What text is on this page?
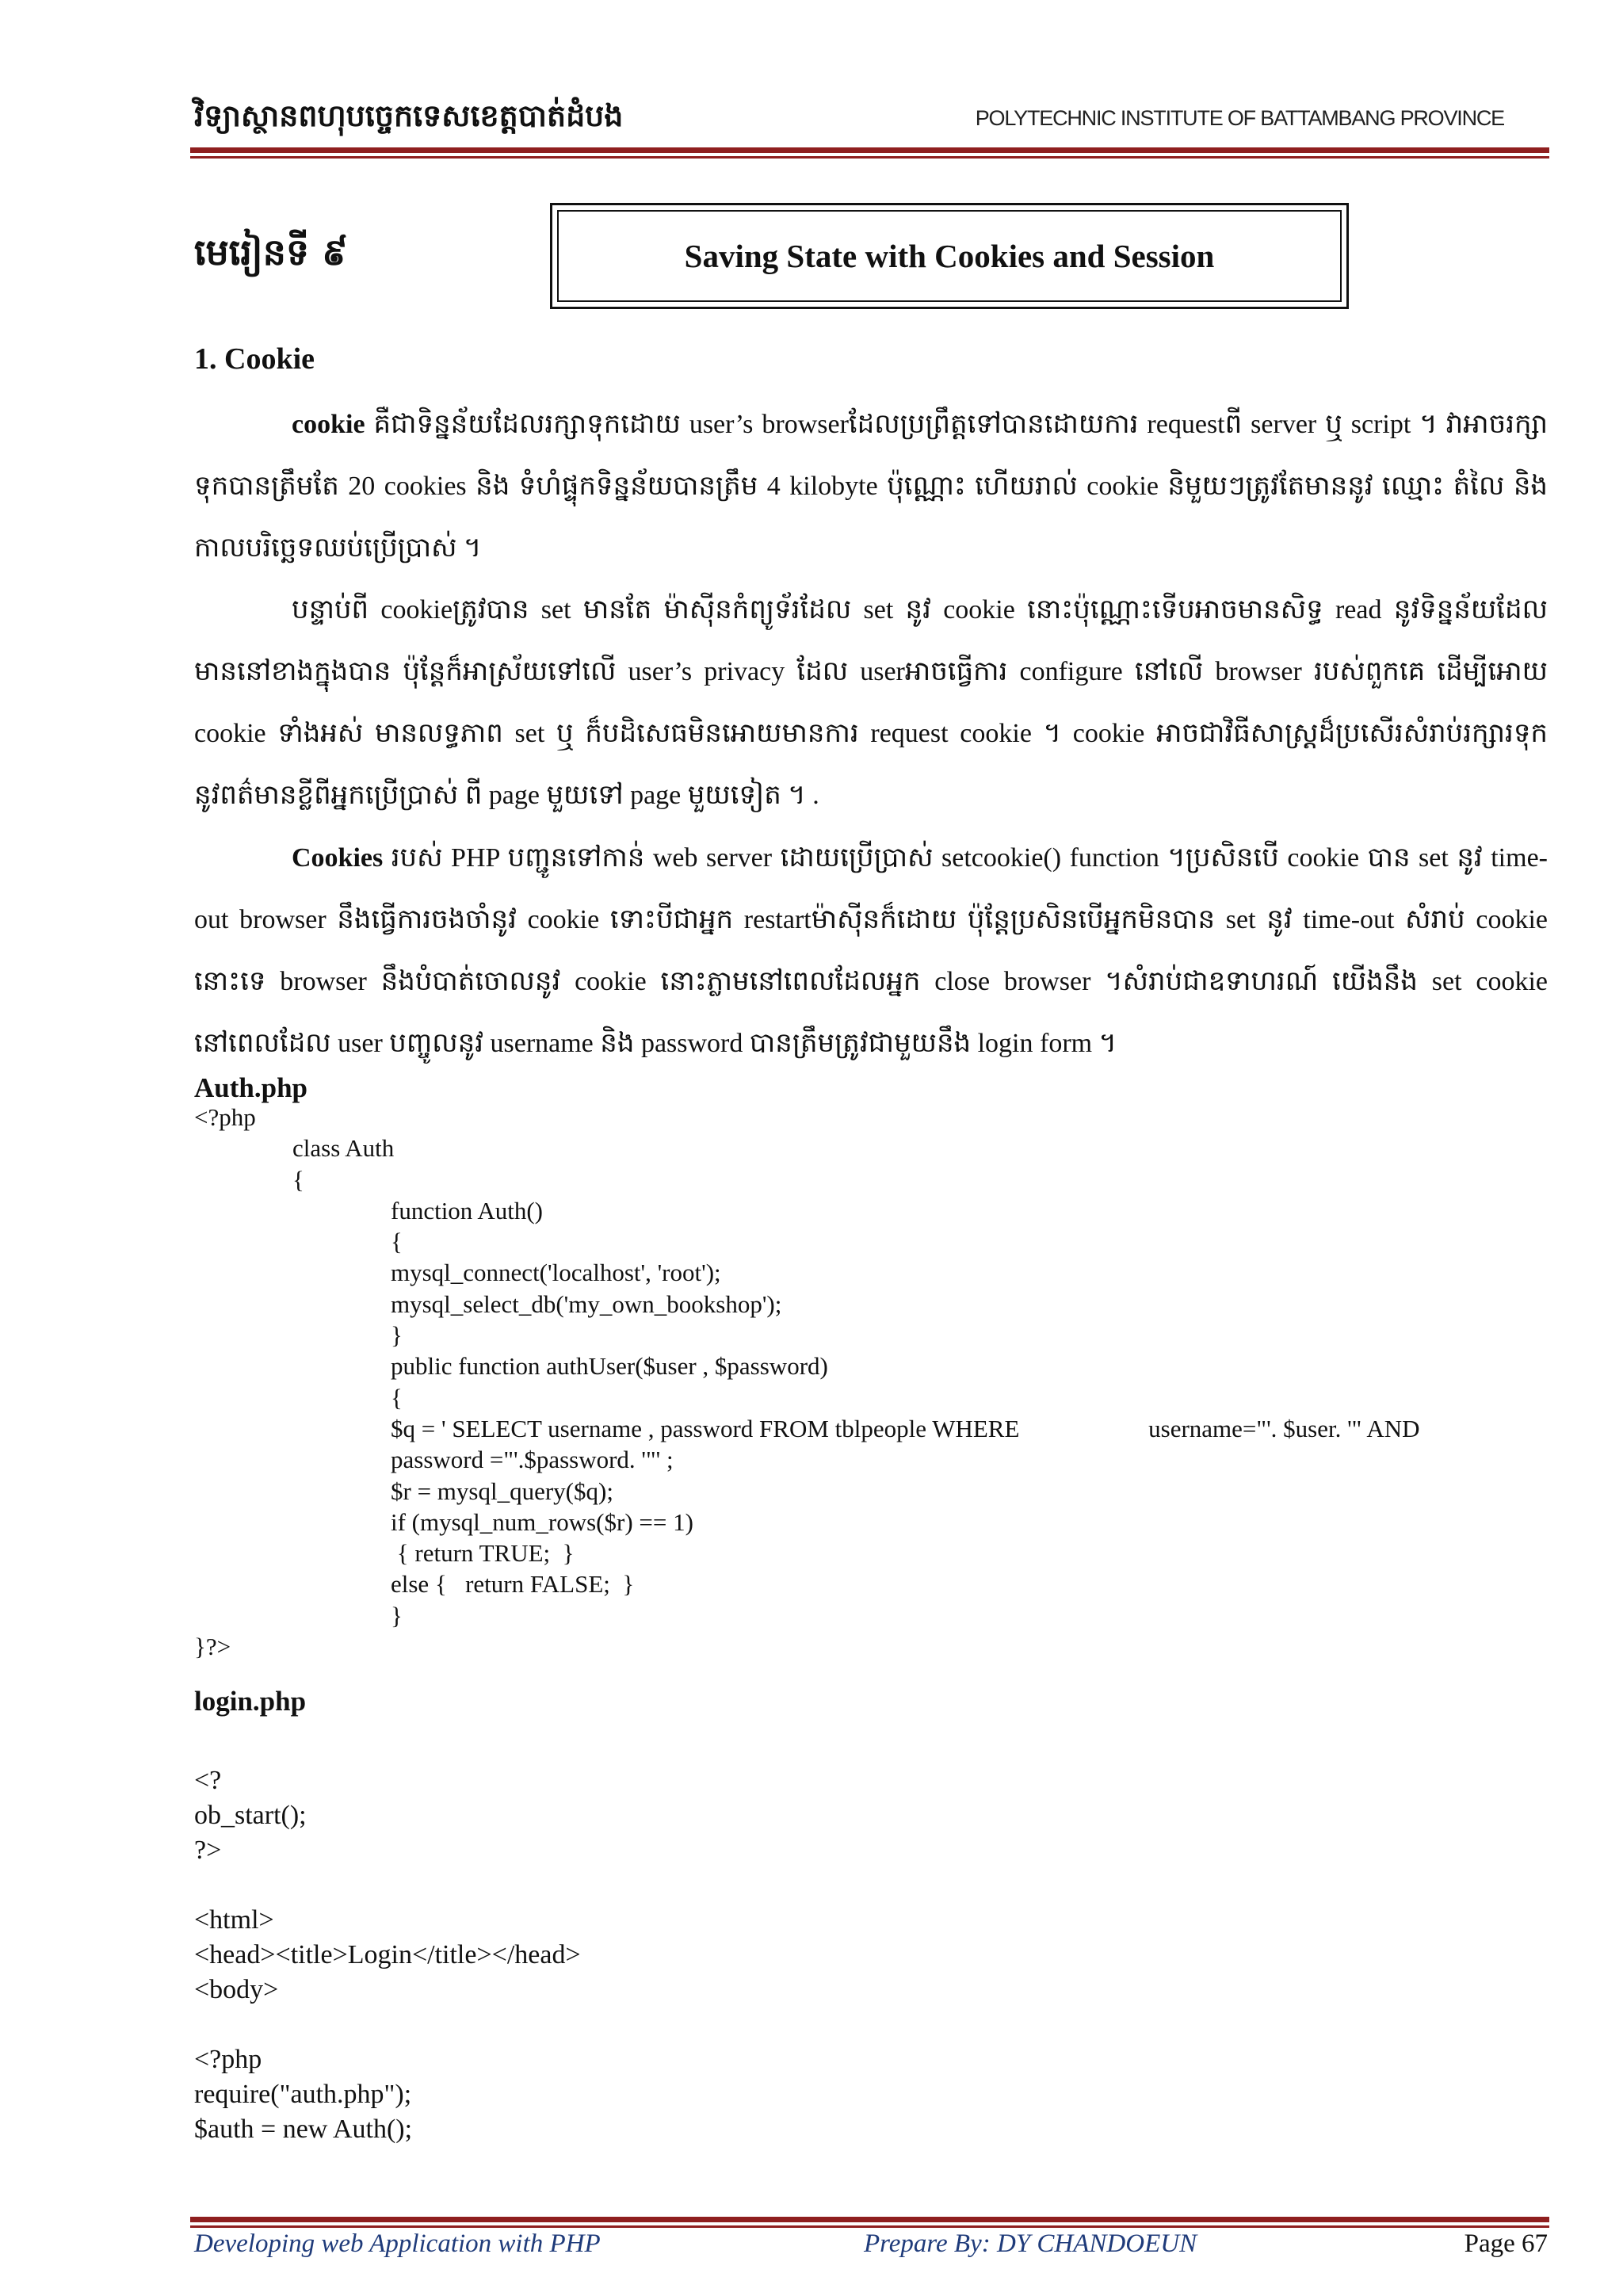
វិទ្យាស្ថានពហុបច្ចេកទេសខេត្តបាត់ដំបង	POLYTECHNIC INSTITUTE OF BATTAMBANG PROVINCE
មេរៀនទី ៩	Saving State with Cookies and Session
1. Cookie
cookie គឺជាទិន្នន័យដែលរក្សាទុកដោយ user’s browserដែលប្រព្រឹត្តទៅបានដោយការ requestពី server ឬ script ។ វាអាចរក្សាទុកបានត្រឹមតែ 20 cookies និង ទំហំផ្ទុកទិន្នន័យបានត្រឹម 4 kilobyte ប៉ុណ្ណោះ ហើយរាល់ cookie និមួយៗត្រូវតែមាននូវ ឈ្មោះ តំលៃ និង កាលបរិច្ឆេទឈប់ប្រើប្រាស់ ។
បន្ទាប់ពី cookieត្រូវបាន set មានតែ ម៉ាស៊ីនកំព្យូទ័រដែល set នូវ cookie នោះប៉ុណ្ណោះទើបអាចមានសិទ្ធ read នូវទិន្នន័យដែលមាននៅខាងក្នុងបាន ប៉ុន្តែក៏អាស្រ័យទៅលើ user’s privacy ដែល userអាចធ្វើការ configure នៅលើ browser របស់ពួកគេ ដើម្បីអោយ cookie ទាំងអស់ មានលទ្ធភាព set ឬ ក៏បដិសេធមិនអោយមានការ request cookie ។ cookie អាចជាវិធីសាស្ត្រដ៏ប្រសើរសំរាប់រក្សារទុកនូវពត៌មានខ្លីពីអ្នកប្រើប្រាស់ ពី page មួយទៅ page មួយទៀត ។ .
Cookies របស់ PHP បញ្ជូនទៅកាន់ web server ដោយប្រើប្រាស់ setcookie() function ។ប្រសិនបើ cookie បាន set នូវ time-out browser នឹងធ្វើការចងចាំនូវ cookie ទោះបីជាអ្នក restartម៉ាស៊ីនក៏ដោយ ប៉ុន្តែប្រសិនបើអ្នកមិនបាន set នូវ time-out សំរាប់ cookie នោះទេ browser នឹងបំបាត់ចោលនូវ cookie នោះភ្លាមនៅពេលដែលអ្នក close browser ។សំរាប់ជាឧទាហរណ៍ យើងនឹង set cookie នៅពេលដែល user បញ្ចូលនូវ username និង password បានត្រឹមត្រូវជាមួយនឹង login form ។
Auth.php
<?php
	class Auth
	{
		function Auth()
		{
		mysql_connect('localhost', 'root');
		mysql_select_db('my_own_bookshop');
		}
		public function authUser($user , $password)
		{
		$q = ' SELECT username , password FROM tblpeople WHERE                     username="'. $user. '" AND
		password ="'.$password. '"' ;
		$r = mysql_query($q);
		if (mysql_num_rows($r) == 1)
		{ return TRUE;  }
		else {   return FALSE;  }
		}
}?>
login.php
<?
ob_start();
?>

<html>
<head><title>Login</title></head>
<body>

<?php
require("auth.php");
$auth = new Auth();
Developing web Application with PHP	Prepare By: DY CHANDOEUN	Page 67
